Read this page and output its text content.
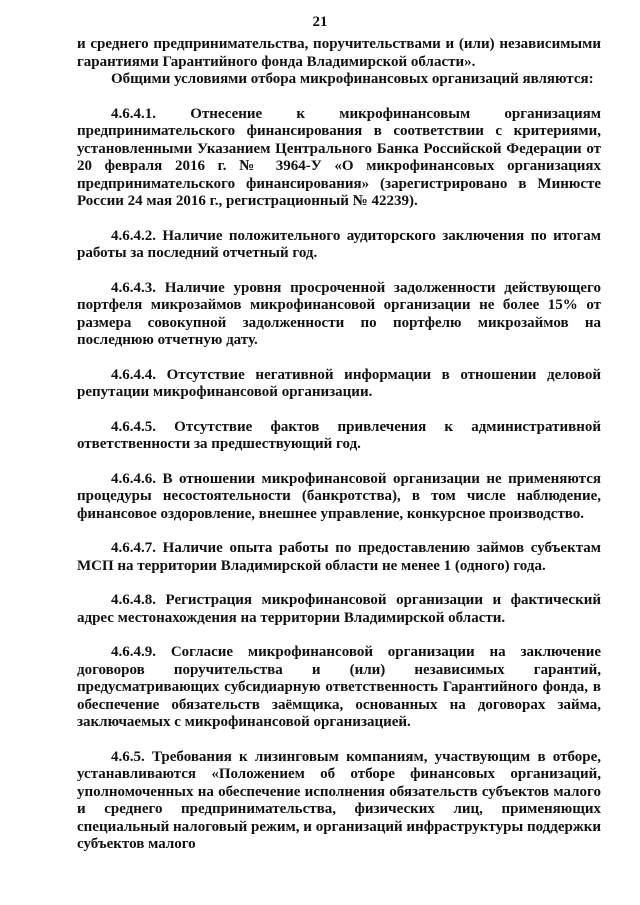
21

и среднего предпринимательства, поручительствами и (или) независимыми гарантиями Гарантийного фонда Владимирской области».

Общими условиями отбора микрофинансовых организаций являются:

4.6.4.1. Отнесение к микрофинансовым организациям предпринимательского финансирования в соответствии с критериями, установленными Указанием Центрального Банка Российской Федерации от 20 февраля 2016 г. № 3964-У «О микрофинансовых организациях предпринимательского финансирования» (зарегистрировано в Минюсте России 24 мая 2016 г., регистрационный № 42239).

4.6.4.2. Наличие положительного аудиторского заключения по итогам работы за последний отчетный год.

4.6.4.3. Наличие уровня просроченной задолженности действующего портфеля микрозаймов микрофинансовой организации не более 15% от размера совокупной задолженности по портфелю микрозаймов на последнюю отчетную дату.

4.6.4.4. Отсутствие негативной информации в отношении деловой репутации микрофинансовой организации.

4.6.4.5. Отсутствие фактов привлечения к административной ответственности за предшествующий год.

4.6.4.6. В отношении микрофинансовой организации не применяются процедуры несостоятельности (банкротства), в том числе наблюдение, финансовое оздоровление, внешнее управление, конкурсное производство.

4.6.4.7. Наличие опыта работы по предоставлению займов субъектам МСП на территории Владимирской области не менее 1 (одного) года.

4.6.4.8. Регистрация микрофинансовой организации и фактический адрес местонахождения на территории Владимирской области.

4.6.4.9. Согласие микрофинансовой организации на заключение договоров поручительства и (или) независимых гарантий, предусматривающих субсидиарную ответственность Гарантийного фонда, в обеспечение обязательств заёмщика, основанных на договорах займа, заключаемых с микрофинансовой организацией.

4.6.5. Требования к лизинговым компаниям, участвующим в отборе, устанавливаются «Положением об отборе финансовых организаций, уполномоченных на обеспечение исполнения обязательств субъектов малого и среднего предпринимательства, физических лиц, применяющих специальный налоговый режим, и организаций инфраструктуры поддержки субъектов малого
